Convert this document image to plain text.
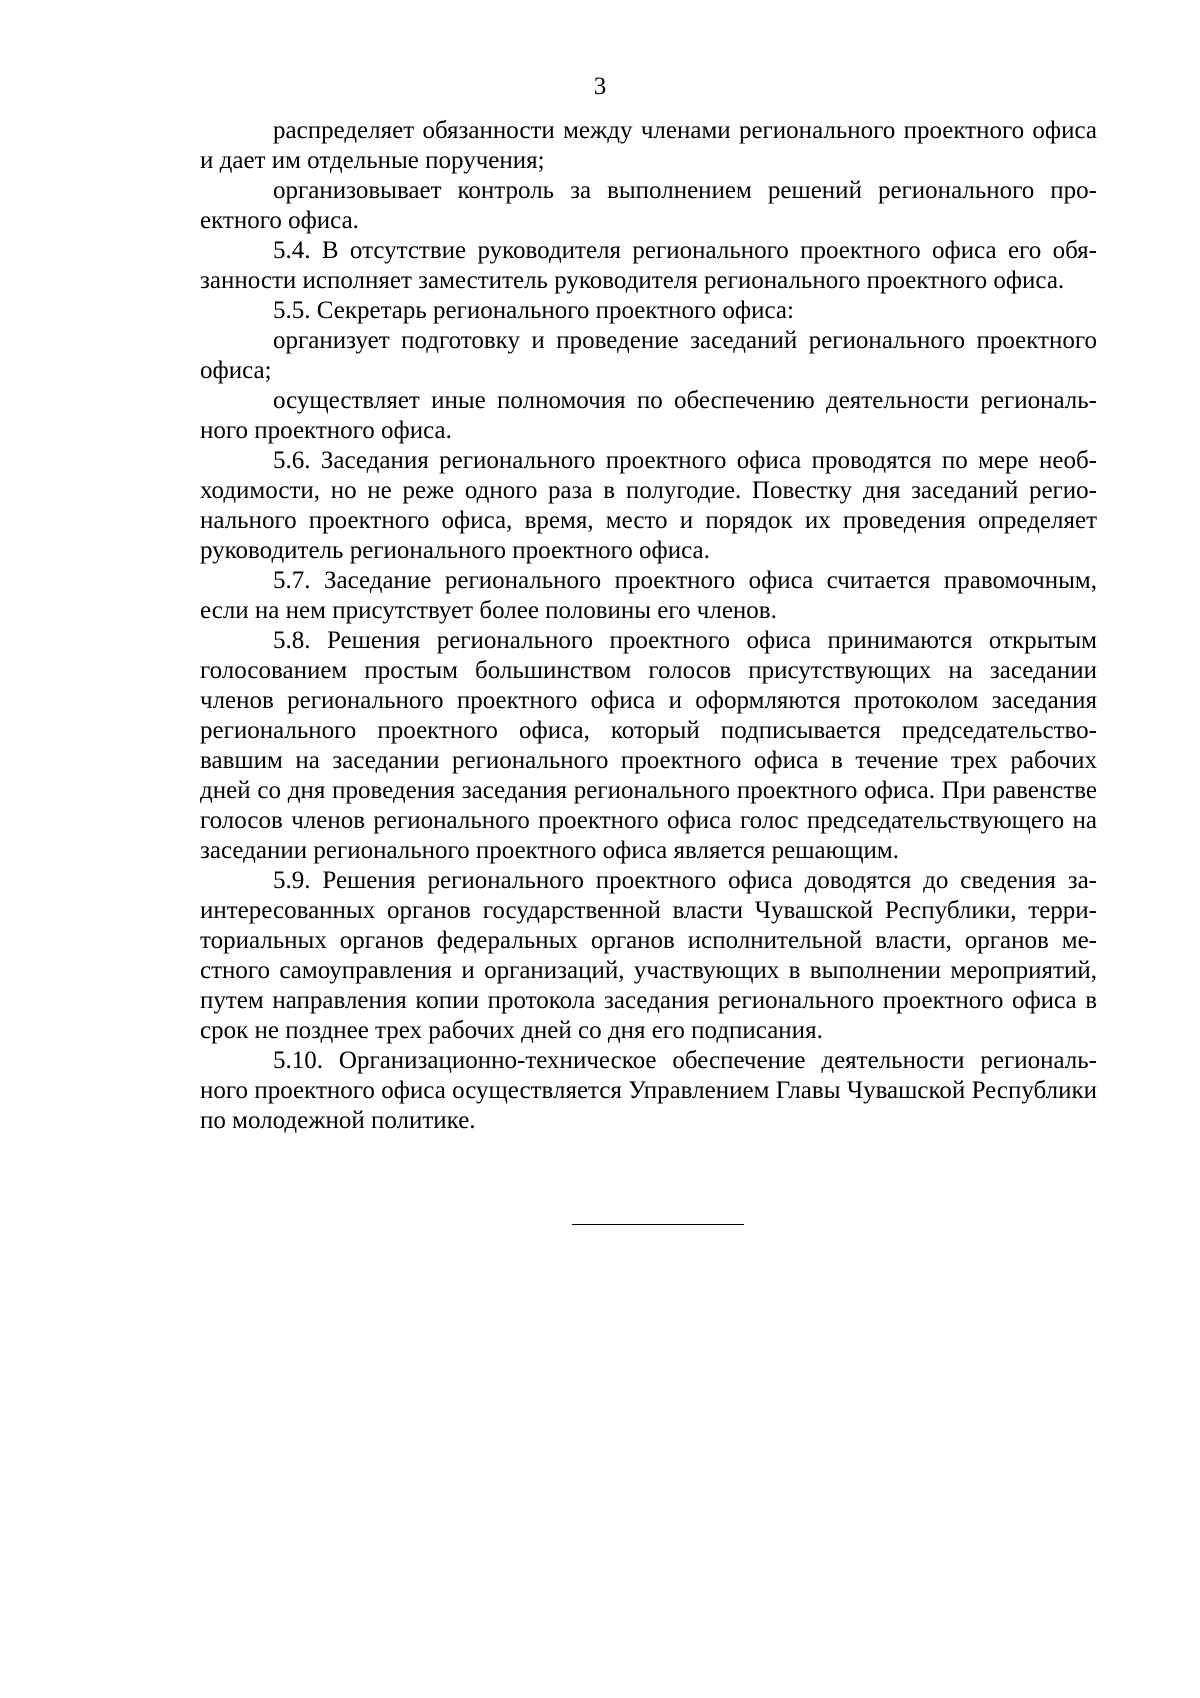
3

распределяет обязанности между членами регионального проектного офиса и дает им отдельные поручения;

организовывает контроль за выполнением решений регионального проектного офиса.

5.4. В отсутствие руководителя регионального проектного офиса его обязанности исполняет заместитель руководителя регионального проектного офиса.

5.5. Секретарь регионального проектного офиса:

организует подготовку и проведение заседаний регионального проектного офиса;

осуществляет иные полномочия по обеспечению деятельности регионального проектного офиса.

5.6. Заседания регионального проектного офиса проводятся по мере необходимости, но не реже одного раза в полугодие. Повестку дня заседаний регионального проектного офиса, время, место и порядок их проведения определяет руководитель регионального проектного офиса.

5.7. Заседание регионального проектного офиса считается правомочным, если на нем присутствует более половины его членов.

5.8. Решения регионального проектного офиса принимаются открытым голосованием простым большинством голосов присутствующих на заседании членов регионального проектного офиса и оформляются протоколом заседания регионального проектного офиса, который подписывается председательствовавшим на заседании регионального проектного офиса в течение трех рабочих дней со дня проведения заседания регионального проектного офиса. При равенстве голосов членов регионального проектного офиса голос председательствующего на заседании регионального проектного офиса является решающим.

5.9. Решения регионального проектного офиса доводятся до сведения заинтересованных органов государственной власти Чувашской Республики, территориальных органов федеральных органов исполнительной власти, органов местного самоуправления и организаций, участвующих в выполнении мероприятий, путем направления копии протокола заседания регионального проектного офиса в срок не позднее трех рабочих дней со дня его подписания.

5.10. Организационно-техническое обеспечение деятельности регионального проектного офиса осуществляется Управлением Главы Чувашской Республики по молодежной политике.
